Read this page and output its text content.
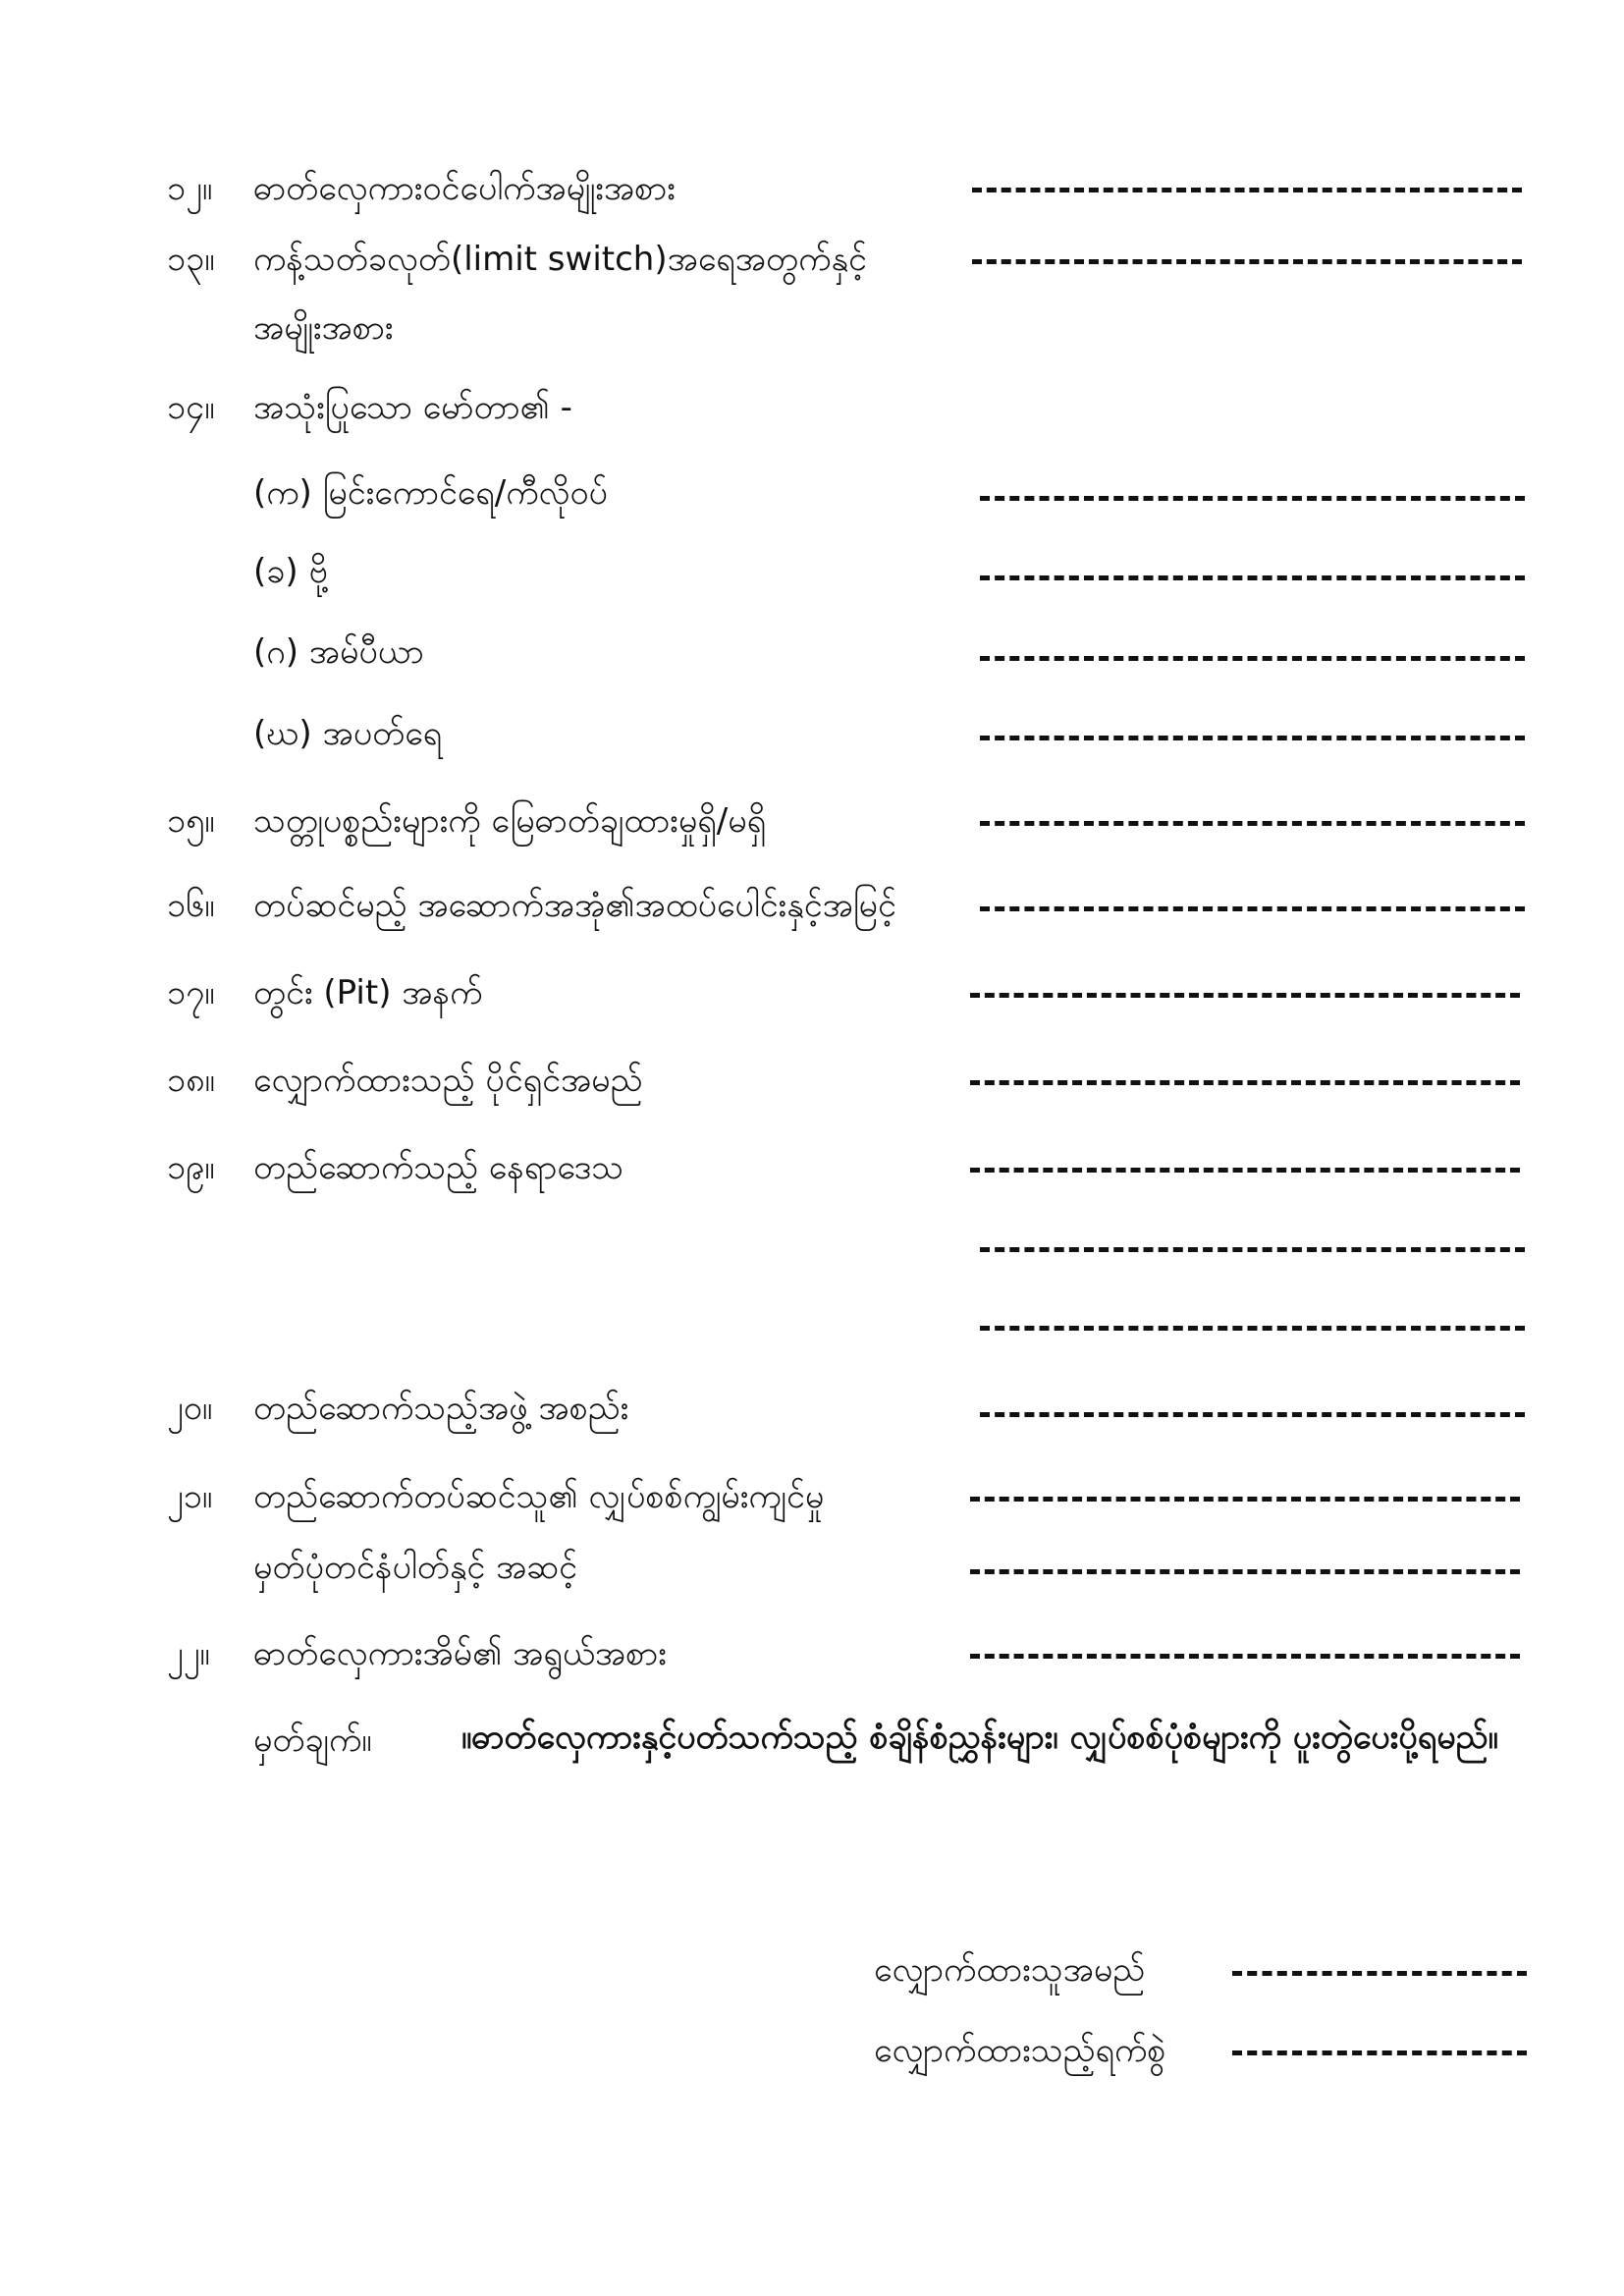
၁၂။ ဓာတ်လှေကားဝင်ပေါက်အမျိုးအစား
၁၃။ ကန့်သတ်ခလုတ်(limit switch)အရေအတွက်နှင့်
အမျိုးအစား
၁၄။ အသုံးပြုသော မော်တာ၏ -
(က) မြင်းကောင်ရေ/ကီလိုဝပ်
(ခ) ဗို့
(ဂ) အမ်ပီယာ
(ဃ) အပတ်ရေ
၁၅။ သတ္တုပစ္စည်းများကို မြေဓာတ်ချထားမှုရှိ/မရှိ
၁၆။ တပ်ဆင်မည့် အဆောက်အအုံ၏အထပ်ပေါင်းနှင့်အမြင့်
၁၇။ တွင်း (Pit) အနက်
၁၈။ လျှောက်ထားသည့် ပိုင်ရှင်အမည်
၁၉။ တည်ဆောက်သည့် နေရာဒေသ
၂၀။ တည်ဆောက်သည့်အဖွဲ့ အစည်း
၂၁။ တည်ဆောက်တပ်ဆင်သူ၏ လျှပ်စစ်ကျွမ်းကျင်မှု
မှတ်ပုံတင်နံပါတ်နှင့် အဆင့်
၂၂။ ဓာတ်လှေကားအိမ်၏ အရွယ်အစား
မှတ်ချက်။	။ဓာတ်လှေကားနှင့်ပတ်သက်သည့် စံချိန်စံညွှန်းများ၊ လျှပ်စစ်ပုံစံများကို ပူးတွဲပေးပို့ရမည်။
လျှောက်ထားသူအမည်
လျှောက်ထားသည့်ရက်စွဲ
